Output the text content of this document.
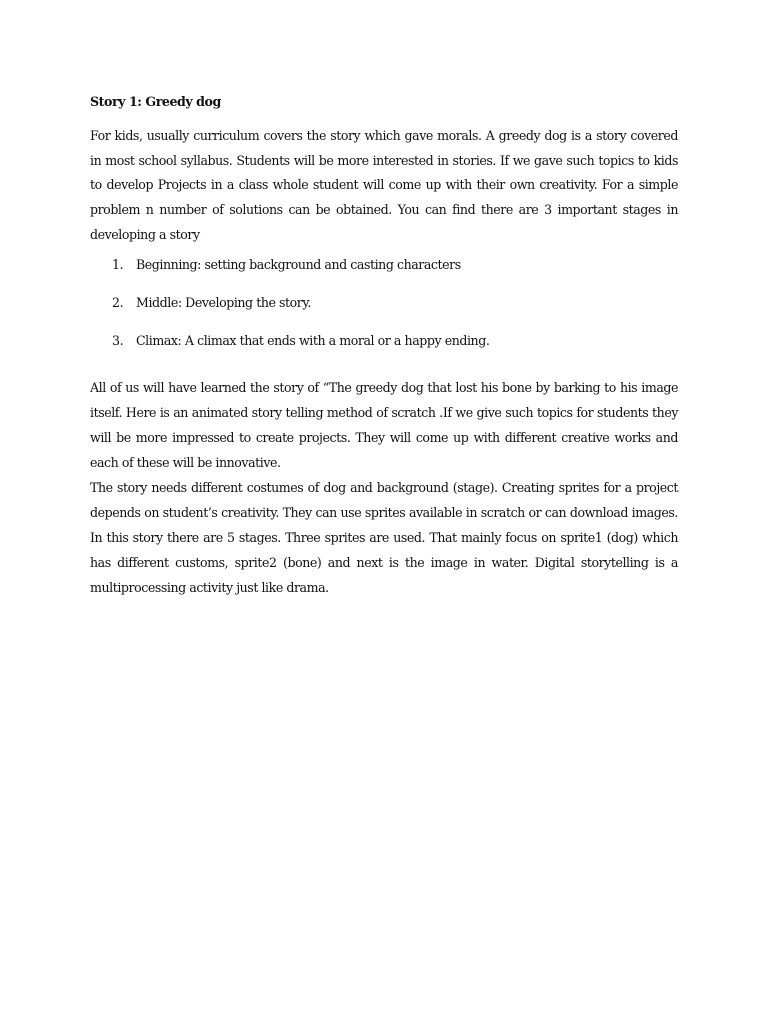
Story 1: Greedy dog

For kids, usually curriculum covers the story which gave morals. A greedy dog is a story covered in most school syllabus. Students will be more interested in stories. If we gave such topics to kids to develop Projects in a class whole student will come up with their own creativity. For a simple problem n number of solutions can be obtained. You can find there are 3 important stages in developing a story

1. Beginning: setting background and casting characters
2. Middle: Developing the story.
3. Climax: A climax that ends with a moral or a happy ending.

All of us will have learned the story of “The greedy dog that lost his bone by barking to his image itself. Here is an animated story telling method of scratch .If we give such topics for students they will be more impressed to create projects. They will come up with different creative works and each of these will be innovative.

The story needs different costumes of dog and background (stage). Creating sprites for a project depends on student’s creativity. They can use sprites available in scratch or can download images. In this story there are 5 stages. Three sprites are used. That mainly focus on sprite1 (dog) which has different customs, sprite2 (bone) and next is the image in water. Digital storytelling is a multiprocessing activity just like drama.
